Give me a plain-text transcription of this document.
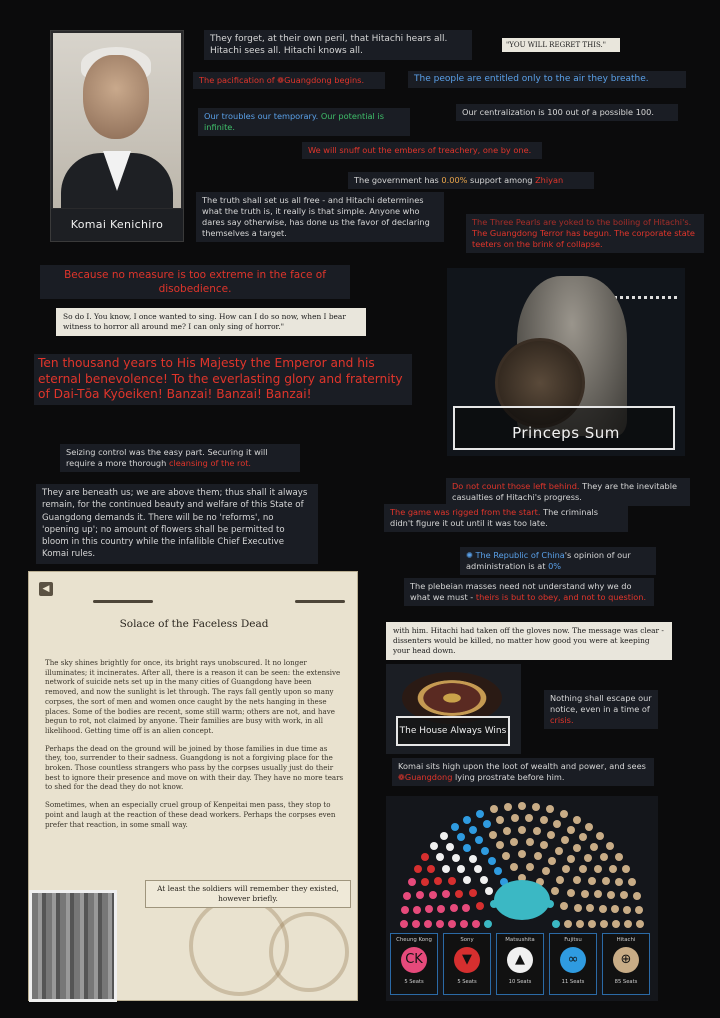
Komai Kenichiro
They forget, at their own peril, that Hitachi hears all. Hitachi sees all. Hitachi knows all.
"YOU WILL REGRET THIS."
The pacification of ❁Guangdong begins.	The people are entitled only to the air they breathe.
Our troubles our temporary. Our potential is infinite.
Our centralization is 100 out of a possible 100.
We will snuff out the embers of treachery, one by one.
The government has 0.00% support among Zhiyan
The truth shall set us all free - and Hitachi determines what the truth is, it really is that simple. Anyone who dares say otherwise, has done us the favor of declaring themselves a target.
The Three Pearls are yoked to the boiling of Hitachi's. The Guangdong Terror has begun. The corporate state teeters on the brink of collapse.
Because no measure is too extreme in the face of disobedience.
So do I. You know, I once wanted to sing. How can I do so now, when I bear witness to horror all around me? I can only sing of horror."
Ten thousand years to His Majesty the Emperor and his eternal benevolence! To the everlasting glory and fraternity of Dai-Tōa Kyōeiken! Banzai! Banzai! Banzai!
Seizing control was the easy part. Securing it will require a more thorough cleansing of the rot.
They are beneath us; we are above them; thus shall it always remain, for the continued beauty and welfare of this State of Guangdong demands it. There will be no 'reforms', no 'opening up'; no amount of flowers shall be permitted to bloom in this country while the infallible Chief Executive Komai rules.
Princeps Sum
Do not count those left behind. They are the inevitable casualties of Hitachi's progress.
The game was rigged from the start. The criminals didn't figure it out until it was too late.
✺ The Republic of China's opinion of our administration is at 0%
The plebeian masses need not understand why we do what we must - theirs is but to obey, and not to question.
with him. Hitachi had taken off the gloves now. The message was clear - dissenters would be killed, no matter how good you were at keeping your head down.
The House Always Wins
Nothing shall escape our notice, even in a time of crisis.
Komai sits high upon the loot of wealth and power, and sees ❁Guangdong lying prostrate before him.
◀
Solace of the Faceless Dead

The sky shines brightly for once, its bright rays unobscured. It no longer illuminates; it incinerates. After all, there is a reason it can be seen: the extensive network of suicide nets set up in the many cities of Guangdong have been removed, and now the sunlight is let through. The rays fall gently upon so many corpses, the sort of men and women once caught by the nets hanging in these places. Some of the bodies are recent, some still warm; others are not, and have begun to rot, not claimed by anyone. Their families are busy with work, in all likelihood. Getting time off is an alien concept.

Perhaps the dead on the ground will be joined by those families in due time as they, too, surrender to their sadness. Guangdong is not a forgiving place for the broken. Those countless strangers who pass by the corpses usually just do their best to ignore their presence and move on with their day. They have no more tears to shed for the dead they do not know.

Sometimes, when an especially cruel group of Kenpeitai men pass, they stop to point and laugh at the reaction of these dead workers. Perhaps the corpses even prefer that reaction, in some small way.

At least the soldiers will remember they existed, however briefly.
Cheung Kong
CK
5 Seats
Sony
▼
5 Seats
Matsushita
▲
10 Seats
Fujitsu
∞
11 Seats
Hitachi
⊕
85 Seats
